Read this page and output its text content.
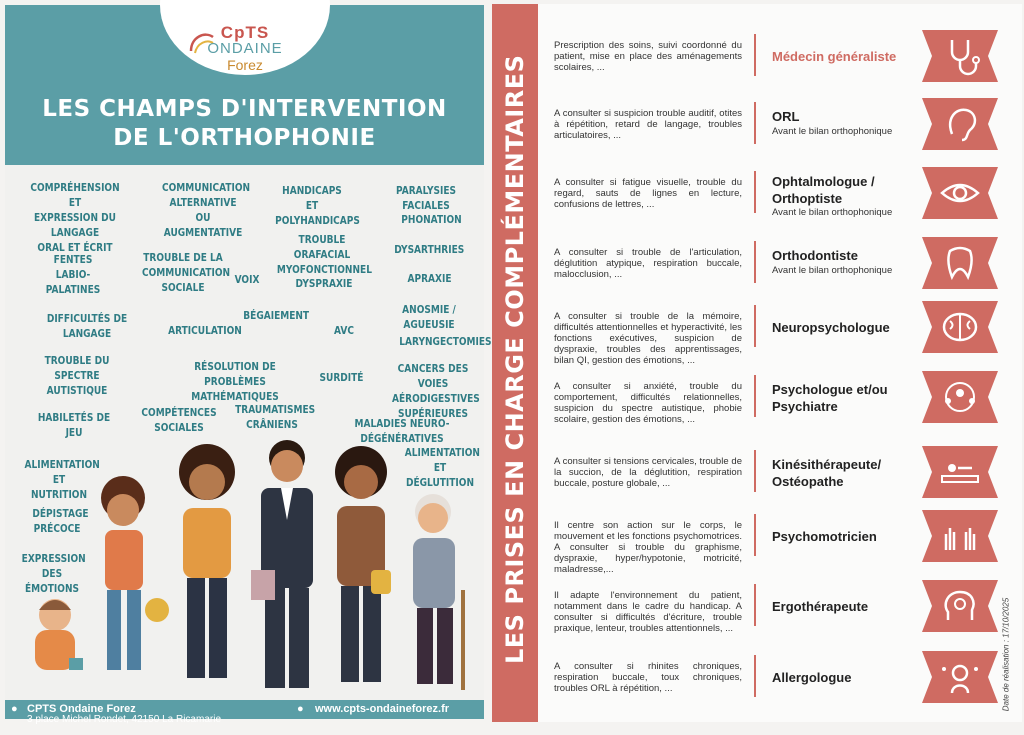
CpTS
ONDAINE
Forez
LES CHAMPS D'INTERVENTION
DE L'ORTHOPHONIE
COMPRÉHENSION ET
EXPRESSION DU LANGAGE
ORAL ET ÉCRIT
COMMUNICATION
ALTERNATIVE
OU AUGMENTATIVE
HANDICAPS ET
POLYHANDICAPS
PARALYSIES FACIALES
PHONATION
TROUBLE ORAFACIAL
MYOFONCTIONNEL
DYSARTHRIES
FENTES
LABIO-PALATINES
TROUBLE DE LA
COMMUNICATION
SOCIALE
VOIX	DYSPRAXIE	APRAXIE
ANOSMIE / AGUEUSIE
DIFFICULTÉS DE LANGAGE	ARTICULATION
BÉGAIEMENT
AVC
LARYNGECTOMIES
TROUBLE DU SPECTRE
AUTISTIQUE
RÉSOLUTION DE PROBLÈMES
MATHÉMATIQUES
SURDITÉ
CANCERS DES VOIES
AÉRODIGESTIVES
SUPÉRIEURES
HABILETÉS DE JEU
COMPÉTENCES
SOCIALES
TRAUMATISMES
CRÂNIENS	MALADIES NEURO-DÉGÉNÉRATIVES
ALIMENTATION ET
DÉGLUTITION
ALIMENTATION
ET NUTRITION
DÉPISTAGE
PRÉCOCE
EXPRESSION
DES ÉMOTIONS
● CPTS Ondaine Forez
3 place Michel Rondet, 42150 La Ricamarie
● www.cpts-ondaineforez.fr
LES PRISES EN CHARGE COMPLÉMENTAIRES
Prescription des soins, suivi coordonné du patient, mise en place des aménagements scolaires, ...
Médecin généraliste
A consulter si suspicion trouble auditif, otites à répétition, retard de langage, troubles articulatoires, ...
ORL
Avant le bilan orthophonique
A consulter si fatigue visuelle, trouble du regard, sauts de lignes en lecture, confusions de lettres, ...
Ophtalmologue / Orthoptiste
Avant le bilan orthophonique
A consulter si trouble de l'articulation, déglutition atypique, respiration buccale, malocclusion, ...
Orthodontiste
Avant le bilan orthophonique
A consulter si trouble de la mémoire, difficultés attentionnelles et hyperactivité, les fonctions exécutives, suspicion de dyspraxie, troubles des apprentissages, bilan QI, gestion des émotions, ...
Neuropsychologue
A consulter si anxiété, trouble du comportement, difficultés relationnelles, suspicion du spectre autistique, phobie scolaire, gestion des émotions, ...
Psychologue et/ou Psychiatre
A consulter si tensions cervicales, trouble de la succion, de la déglutition, respiration buccale, posture globale, ...
Kinésithérapeute/ Ostéopathe
Il centre son action sur le corps, le mouvement et les fonctions psychomotrices. A consulter si trouble du graphisme, dyspraxie, hyper/hypotonie, motricité, maladresse,...
Psychomotricien
Il adapte l'environnement du patient, notamment dans le cadre du handicap. A consulter si difficultés d'écriture, trouble praxique, lenteur, troubles attentionnels, ...
Ergothérapeute
A consulter si rhinites chroniques, respiration buccale, toux chroniques, troubles ORL à répétition, ...
Allergologue	Date de réalisation : 17/10/2025
